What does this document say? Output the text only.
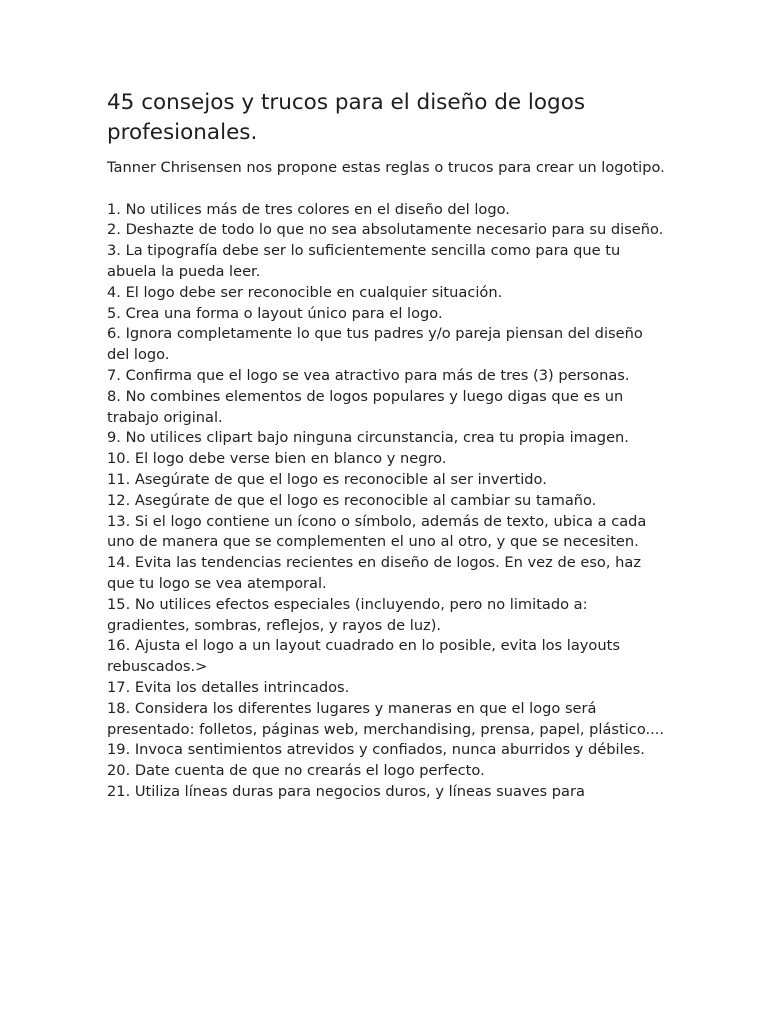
45 consejos y trucos para el diseño de logos profesionales.

Tanner Chrisensen nos propone estas reglas o trucos para crear un logotipo.

1. No utilices más de tres colores en el diseño del logo.
2. Deshazte de todo lo que no sea absolutamente necesario para su diseño.
3. La tipografía debe ser lo suficientemente sencilla como para que tu abuela la pueda leer.
4. El logo debe ser reconocible en cualquier situación.
5. Crea una forma o layout único para el logo.
6. Ignora completamente lo que tus padres y/o pareja piensan del diseño del logo.
7. Confirma que el logo se vea atractivo para más de tres (3) personas.
8. No combines elementos de logos populares y luego digas que es un trabajo original.
9. No utilices clipart bajo ninguna circunstancia, crea tu propia imagen.
10. El logo debe verse bien en blanco y negro.
11. Asegúrate de que el logo es reconocible al ser invertido.
12. Asegúrate de que el logo es reconocible al cambiar su tamaño.
13. Si el logo contiene un ícono o símbolo, además de texto, ubica a cada uno de manera que se complementen el uno al otro, y que se necesiten.
14. Evita las tendencias recientes en diseño de logos. En vez de eso, haz que tu logo se vea atemporal.
15. No utilices efectos especiales (incluyendo, pero no limitado a: gradientes, sombras, reflejos, y rayos de luz).
16. Ajusta el logo a un layout cuadrado en lo posible, evita los layouts rebuscados.>
17. Evita los detalles intrincados.
18. Considera los diferentes lugares y maneras en que el logo será presentado: folletos, páginas web, merchandising, prensa, papel, plástico....
19. Invoca sentimientos atrevidos y confiados, nunca aburridos y débiles.
20. Date cuenta de que no crearás el logo perfecto.
21. Utiliza líneas duras para negocios duros, y líneas suaves para
